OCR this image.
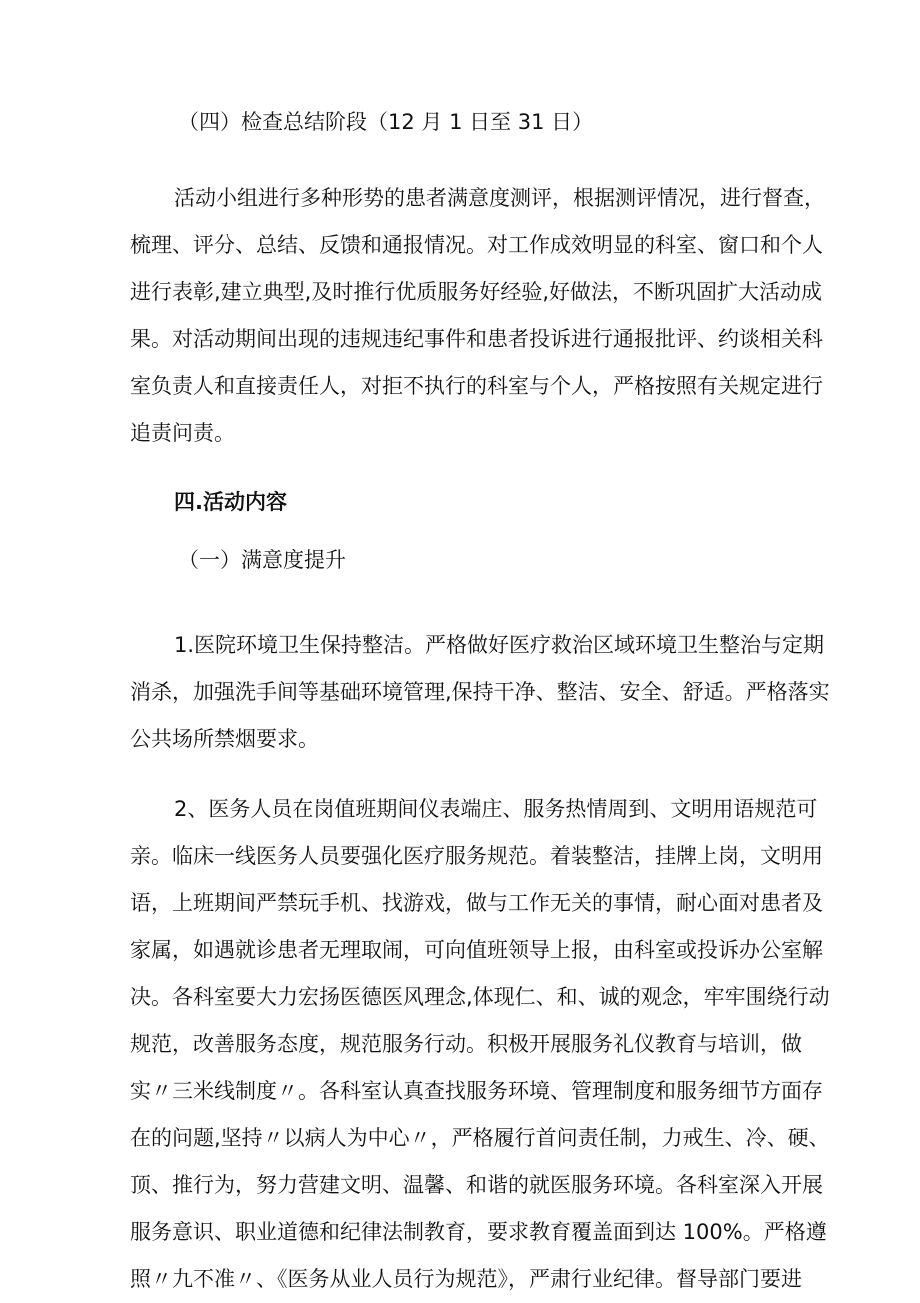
（四）检查总结阶段（12 月 1 日至 31 日）
活动小组进行多种形势的患者满意度测评，根据测评情况，进行督查，
梳理、评分、总结、反馈和通报情况。对工作成效明显的科室、窗口和个人
进行表彰,建立典型,及时推行优质服务好经验,好做法，不断巩固扩大活动成
果。对活动期间出现的违规违纪事件和患者投诉进行通报批评、约谈相关科
室负责人和直接责任人，对拒不执行的科室与个人，严格按照有关规定进行
追责问责。
四.活动内容
（一）满意度提升
1.医院环境卫生保持整洁。严格做好医疗救治区域环境卫生整治与定期
消杀，加强洗手间等基础环境管理,保持干净、整洁、安全、舒适。严格落实
公共场所禁烟要求。
2、医务人员在岗值班期间仪表端庄、服务热情周到、文明用语规范可
亲。临床一线医务人员要强化医疗服务规范。着装整洁，挂牌上岗，文明用
语，上班期间严禁玩手机、找游戏，做与工作无关的事情，耐心面对患者及
家属，如遇就诊患者无理取闹，可向值班领导上报，由科室或投诉办公室解
决。各科室要大力宏扬医德医风理念,体现仁、和、诚的观念，牢牢围绕行动
规范，改善服务态度，规范服务行动。积极开展服务礼仪教育与培训，做
实〃三米线制度〃。各科室认真查找服务环境、管理制度和服务细节方面存
在的问题,坚持〃以病人为中心〃，严格履行首问责任制，力戒生、冷、硬、
顶、推行为，努力营建文明、温馨、和谐的就医服务环境。各科室深入开展
服务意识、职业道德和纪律法制教育，要求教育覆盖面到达 100%。严格遵
照〃九不准〃、《医务从业人员行为规范》，严肃行业纪律。督导部门要进
